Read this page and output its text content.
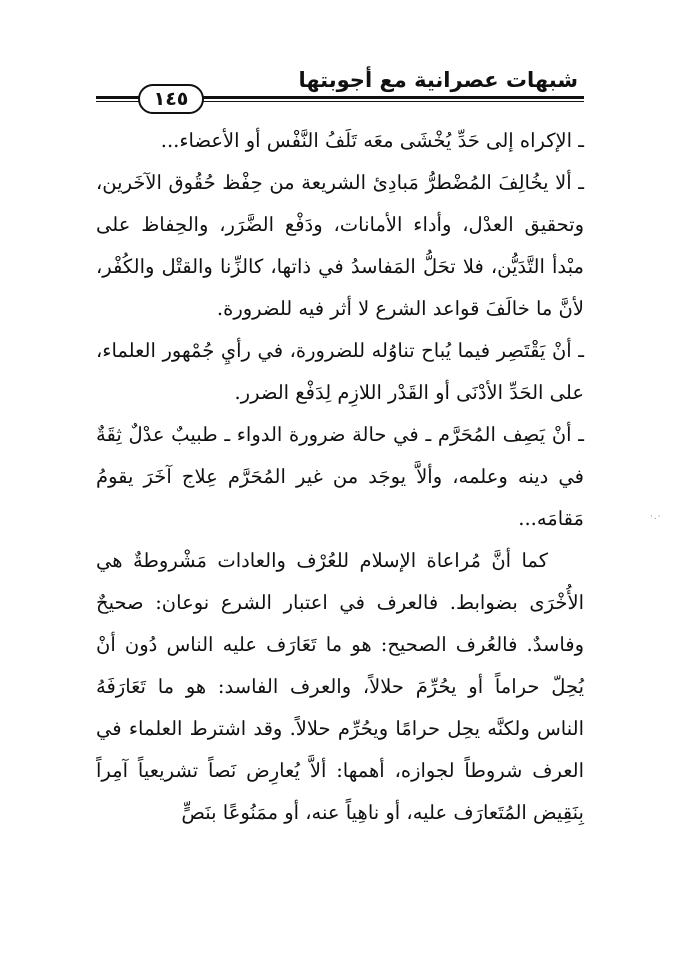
شبهات عصرانية مع أجوبتها
١٤٥

ـ الإكراه إلى حَدِّ يُخْشَى معَه تَلَفُ النَّفْس أو الأعضاء...

ـ ألا يخُالِفَ المُضْطرُّ مَبادِئ الشريعة من حِفْظ حُقُوق الآخَرين، وتحقيق العدْل، وأداء الأمانات، ودَفْع الضَّرَر، والحِفاظ على مبْدأ التَّدَيُّن، فلا تحَلُّ المَفاسدُ في ذاتها، كالزِّنا والقتْل والكُفْر، لأنَّ ما خالَفَ قواعد الشرع لا أثر فيه للضرورة.

ـ أنْ يَقْتَصِر فيما يُباح تناوُله للضرورة، في رأيِ جُمْهور العلماء، على الحَدِّ الأدْنَى أو القَدْر اللازِم لِدَفْع الضرر.

ـ أنْ يَصِف المُحَرَّم ـ في حالة ضرورة الدواء ـ طبيبٌ عدْلٌ ثِقَةٌ في دينه وعلمه، وألاَّ يوجَد من غير المُحَرَّم عِلاج آخَرَ يقومُ مَقامَه...

كما أنَّ مُراعاة الإسلام للعُرْف والعادات مَشْروطةٌ هي الأُخْرَى بضوابط. فالعرف في اعتبار الشرع نوعان: صحيحٌ وفاسدٌ. فالعُرف الصحيح: هو ما تَعَارَف عليه الناس دُون أنْ يُحِلّ حراماً أو يحُرِّمَ حلالاً، والعرف الفاسد: هو ما تَعَارَفَهُ الناس ولكنَّه يحِل حرامًا ويحُرِّم حلالاً. وقد اشترط العلماء في العرف شروطاً لجوازه، أهمها: ألاَّ يُعارِض نَصاً تشريعياً آمِراً بِنَقِيض المُتَعارَف عليه، أو ناهِياً عنه، أو ممَنُوعًا بنَصٍّ

·.·
